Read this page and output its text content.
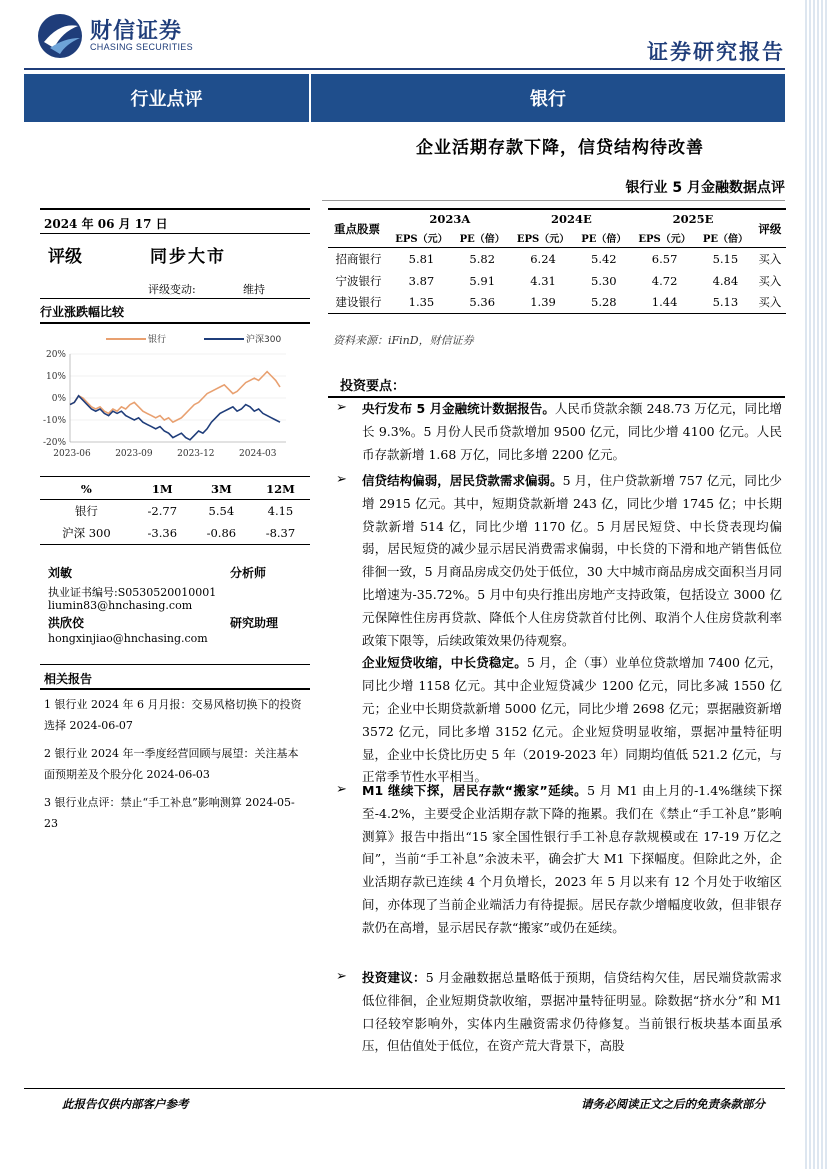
财信证券
CHASING SECURITIES	证券研究报告
行业点评	银行
企业活期存款下降，信贷结构待改善
银行业 5 月金融数据点评
2024 年 06 月 17 日
评级	同步大市
评级变动:	维持
行业涨跌幅比较
银行	沪深300
20%
10%
0%
-10%
-20%
2023-06	2023-09	2023-12	2024-03
%	1M	3M	12M
银行	-2.77	5.54	4.15
沪深 300	-3.36	-0.86	-8.37
刘敏	分析师
执业证书编号:S0530520010001
liumin83@hnchasing.com
洪欣佼	研究助理
hongxinjiao@hnchasing.com
相关报告
1 银行业 2024 年 6 月月报：交易风格切换下的投资选择 2024-06-07
2 银行业 2024 年一季度经营回顾与展望：关注基本面预期差及个股分化 2024-06-03
3 银行业点评：禁止“手工补息”影响测算 2024-05-23
重点股票	2023A		2024E		2025E		评级
	EPS（元）	PE（倍）	EPS（元）	PE（倍）	EPS（元）	PE（倍）	
招商银行	5.81	5.82	6.24	5.42	6.57	5.15	买入
宁波银行	3.87	5.91	4.31	5.30	4.72	4.84	买入
建设银行	1.35	5.36	1.39	5.28	1.44	5.13	买入
资料来源：iFinD，财信证券
投资要点：
➢	央行发布 5 月金融统计数据报告。人民币贷款余额 248.73 万亿元，同比增长 9.3%。5 月份人民币贷款增加 9500 亿元，同比少增 4100 亿元。人民币存款新增 1.68 万亿，同比多增 2200 亿元。
➢	信贷结构偏弱，居民贷款需求偏弱。5 月，住户贷款新增 757 亿元，同比少增 2915 亿元。其中，短期贷款新增 243 亿，同比少增 1745 亿；中长期贷款新增 514 亿，同比少增 1170 亿。5 月居民短贷、中长贷表现均偏弱，居民短贷的减少显示居民消费需求偏弱，中长贷的下滑和地产销售低位徘徊一致，5 月商品房成交仍处于低位，30 大中城市商品房成交面积当月同比增速为-35.72%。5 月中旬央行推出房地产支持政策，包括设立 3000 亿元保障性住房再贷款、降低个人住房贷款首付比例、取消个人住房贷款利率政策下限等，后续政策效果仍待观察。
企业短贷收缩，中长贷稳定。5 月，企（事）业单位贷款增加 7400 亿元，同比少增 1158 亿元。其中企业短贷减少 1200 亿元，同比多减 1550 亿元；企业中长期贷款新增 5000 亿元，同比少增 2698 亿元；票据融资新增 3572 亿元，同比多增 3152 亿元。企业短贷明显收缩，票据冲量特征明显，企业中长贷比历史 5 年（2019-2023 年）同期均值低 521.2 亿元，与正常季节性水平相当。
➢	M1 继续下探，居民存款“搬家”延续。5 月 M1 由上月的-1.4%继续下探至-4.2%，主要受企业活期存款下降的拖累。我们在《禁止“手工补息”影响测算》报告中指出“15 家全国性银行手工补息存款规模或在 17-19 万亿之间”，当前“手工补息”余波未平，确会扩大 M1 下探幅度。但除此之外，企业活期存款已连续 4 个月负增长，2023 年 5 月以来有 12 个月处于收缩区间，亦体现了当前企业端活力有待提振。居民存款少增幅度收敛，但非银存款仍在高增，显示居民存款“搬家”或仍在延续。
➢	投资建议：5 月金融数据总量略低于预期，信贷结构欠佳，居民端贷款需求低位徘徊，企业短期贷款收缩，票据冲量特征明显。除数据“挤水分”和 M1 口径较窄影响外，实体内生融资需求仍待修复。当前银行板块基本面虽承压，但估值处于低位，在资产荒大背景下，高股
此报告仅供内部客户参考	请务必阅读正文之后的免责条款部分
